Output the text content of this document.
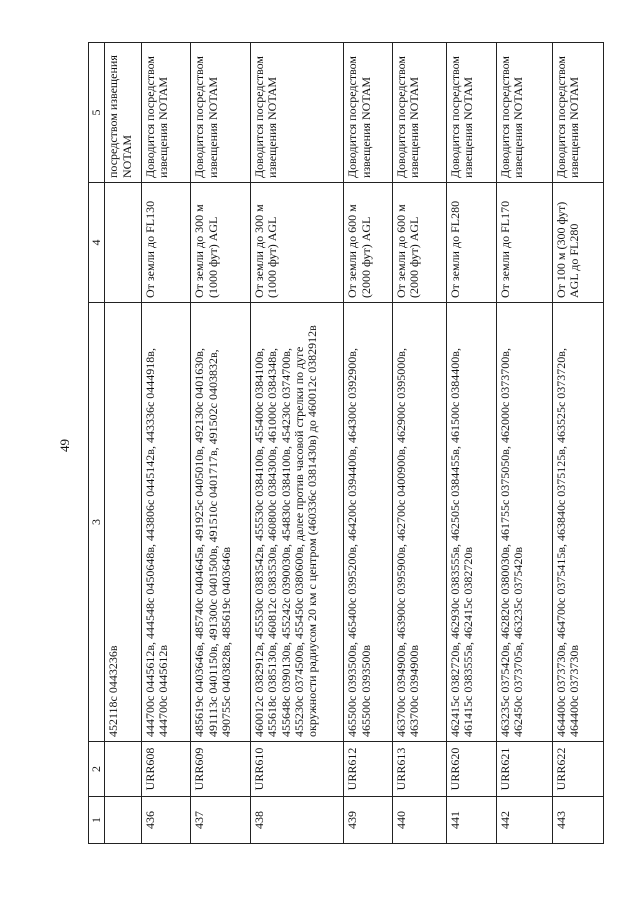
49
1	2	3	4	5
		452118с 0443236в		посредством извещения NOTAM
436	URR608	444700с 0445612в, 444548с 0450648в, 443806с 0445142в, 443336с 0444918в, 444700с 0445612в	От земли до FL130	Доводится посредством извещения NOTAM
437	URR609	485619с 0403646в, 485740с 0404645в, 491925с 0405010в, 492130с 0401630в, 491113с 0401150в, 491300с 0401500в, 491510с 0401717в, 491502с 0403832в, 490755с 0403828в, 485619с 0403646в	От земли до 300 м (1000 фут) AGL	Доводится посредством извещения NOTAM
438	URR610	460012с 0382912в, 455530с 0383542в, 455530с 0384100в, 455400с 0384100в, 455618с 0385130в, 460812с 0383530в, 460800с 0384300в, 461000с 0384348в, 455648с 0390130в, 455242с 0390030в, 454830с 0384100в, 454230с 0374700в, 455230с 0374500в, 455450с 0380600в, далее против часовой стрелки по дуге окружности радиусом 20 км с центром (460336с 0381430в) до 460012с 0382912в	От земли до 300 м (1000 фут) AGL	Доводится посредством извещения NOTAM
439	URR612	465500с 0393500в, 465400с 0395200в, 464200с 0394400в, 464300с 0392900в, 465500с 0393500в	От земли до 600 м (2000 фут) AGL	Доводится посредством извещения NOTAM
440	URR613	463700с 0394900в, 463900с 0395900в, 462700с 0400900в, 462900с 0395000в, 463700с 0394900в	От земли до 600 м (2000 фут) AGL	Доводится посредством извещения NOTAM
441	URR620	462415с 0382720в, 462930с 0383555в, 462505с 0384455в, 461500с 0384400в, 461415с 0383555в, 462415с 0382720в	От земли до FL280	Доводится посредством извещения NOTAM
442	URR621	463235с 0375420в, 462820с 0380030в, 461755с 0375050в, 462000с 0373700в, 462450с 0373705в, 463235с 0375420в	От земли до FL170	Доводится посредством извещения NOTAM
443	URR622	464400с 0373730в, 464700с 0375415в, 463840с 0375125в, 463525с 0373720в, 464400с 0373730в	От 100 м (300 фут) AGL до FL280	Доводится посредством извещения NOTAM
